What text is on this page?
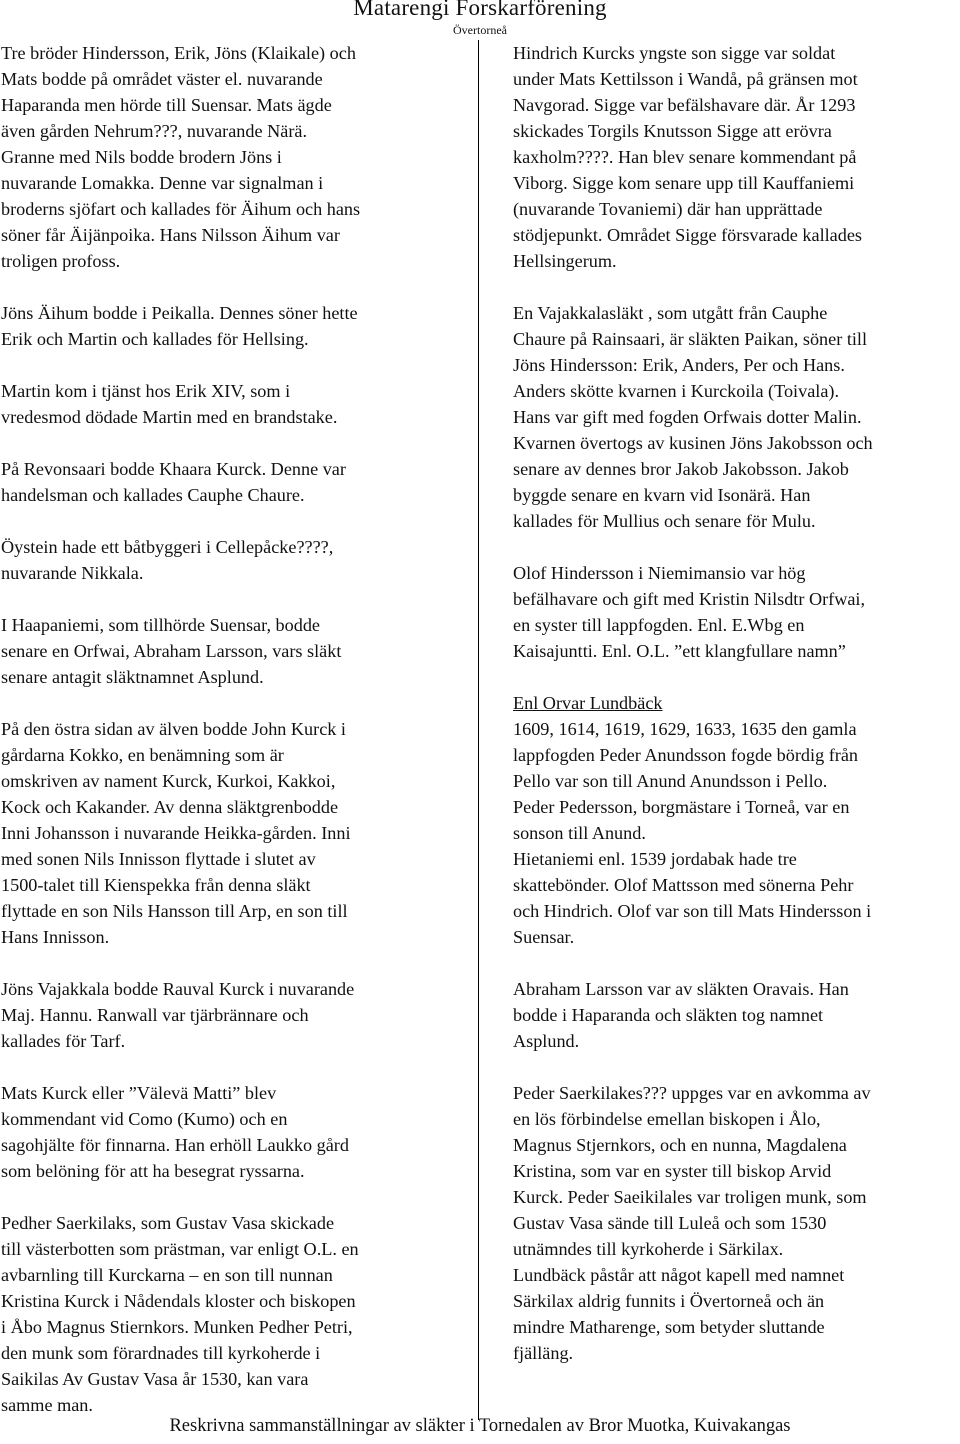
Matarengi Forskarförening
Övertorneå
Tre bröder Hindersson, Erik, Jöns (Klaikale) och
Mats bodde på området väster el. nuvarande
Haparanda men hörde till Suensar. Mats ägde
även gården Nehrum???, nuvarande Närä.
Granne med Nils bodde brodern Jöns i
nuvarande Lomakka. Denne var signalman i
broderns sjöfart och kallades för Äihum och hans
söner får Äijänpoika. Hans Nilsson Äihum var
troligen profoss.
Jöns Äihum bodde i Peikalla. Dennes söner hette
Erik och Martin och kallades för Hellsing.
Martin kom i tjänst hos Erik XIV, som i
vredesmod dödade Martin med en brandstake.
På Revonsaari bodde Khaara Kurck. Denne var
handelsman och kallades Cauphe Chaure.
Öystein hade ett båtbyggeri i Cellepåcke????,
nuvarande Nikkala.
I Haapaniemi, som tillhörde Suensar, bodde
senare en Orfwai, Abraham Larsson, vars släkt
senare antagit släktnamnet Asplund.
På den östra sidan av älven bodde John Kurck i
gårdarna Kokko, en benämning som är
omskriven av nament Kurck, Kurkoi, Kakkoi,
Kock och Kakander. Av denna släktgrenbodde
Inni Johansson i nuvarande Heikka-gården. Inni
med sonen Nils Innisson flyttade i slutet av
1500-talet till Kienspekka från denna släkt
flyttade en son Nils Hansson till Arp, en son till
Hans Innisson.
Jöns Vajakkala bodde Rauval Kurck i nuvarande
Maj. Hannu. Ranwall var tjärbrännare och
kallades för Tarf.
Mats Kurck eller ”Välevä Matti” blev
kommendant vid Como (Kumo) och en
sagohjälte för finnarna. Han erhöll Laukko gård
som belöning för att ha besegrat ryssarna.
Pedher Saerkilaks, som Gustav Vasa skickade
till västerbotten som prästman, var enligt O.L. en
avbarnling till Kurckarna – en son till nunnan
Kristina Kurck i Nådendals kloster och biskopen
i Åbo Magnus Stiernkors. Munken Pedher Petri,
den munk som förardnades till kyrkoherde i
Saikilas Av Gustav Vasa år 1530, kan vara
samme man.
Hindrich Kurcks yngste son sigge var soldat
under Mats Kettilsson i Wandå, på gränsen mot
Navgorad. Sigge var befälshavare där. År 1293
skickades Torgils Knutsson Sigge att erövra
kaxholm????. Han blev senare kommendant på
Viborg. Sigge kom senare upp till Kauffaniemi
(nuvarande Tovaniemi) där han upprättade
stödjepunkt. Området Sigge försvarade kallades
Hellsingerum.
En Vajakkalasläkt , som utgått från Cauphe
Chaure på Rainsaari, är släkten Paikan, söner till
Jöns Hindersson: Erik, Anders, Per och Hans.
Anders skötte kvarnen i Kurckoila (Toivala).
Hans var gift med fogden Orfwais dotter Malin.
Kvarnen övertogs av kusinen Jöns Jakobsson och
senare av dennes bror Jakob Jakobsson. Jakob
byggde senare en kvarn vid Isonärä. Han
kallades för Mullius och senare för Mulu.
Olof Hindersson i Niemimansio var hög
befälhavare och gift med Kristin Nilsdtr Orfwai,
en syster till lappfogden. Enl. E.Wbg en
Kaisajuntti. Enl. O.L. ”ett klangfullare namn”
Enl Orvar Lundbäck
1609, 1614, 1619, 1629, 1633, 1635 den gamla
lappfogden Peder Anundsson fogde bördig från
Pello var son till Anund Anundsson i Pello.
Peder Pedersson, borgmästare i Torneå, var en
sonson till Anund.
Hietaniemi enl. 1539 jordabak hade tre
skattebönder. Olof Mattsson med sönerna Pehr
och Hindrich. Olof var son till Mats Hindersson i
Suensar.
Abraham Larsson var av släkten Oravais. Han
bodde i Haparanda och släkten tog namnet
Asplund.
Peder Saerkilakes??? uppges var en avkomma av
en lös förbindelse emellan biskopen i Ålo,
Magnus Stjernkors, och en nunna, Magdalena
Kristina, som var en syster till biskop Arvid
Kurck. Peder Saeikilales var troligen munk, som
Gustav Vasa sände till Luleå och som 1530
utnämndes till kyrkoherde i Särkilax.
Lundbäck påstår att något kapell med namnet
Särkilax aldrig funnits i Övertorneå och än
mindre Matharenge, som betyder sluttande
fjälläng.
Reskrivna sammanställningar av släkter i Tornedalen av Bror Muotka, Kuivakangas
